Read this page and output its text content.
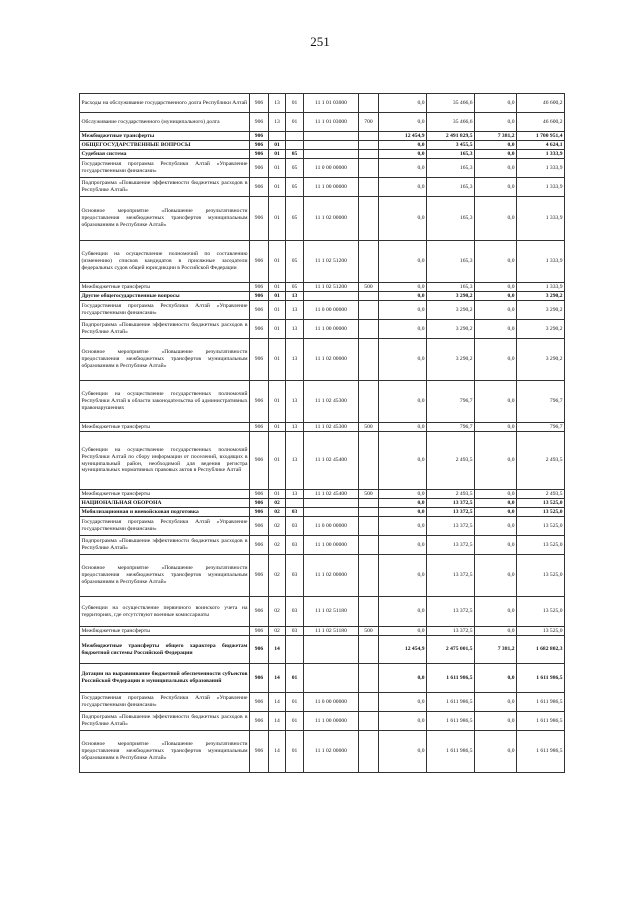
251
Расходы на обслуживание государственного долга Республики Алтай	906	13	01	11 1 01 03000		0,0	35 466,6	0,0	46 600,2
Обслуживание государственного (муниципального) долга	906	13	01	11 1 01 03000	700	0,0	35 466,6	0,0	46 600,2
Межбюджетные трансферты	906					12 454,9	2 491 829,5	7 381,2	1 700 951,4
ОБЩЕГОСУДАРСТВЕННЫЕ ВОПРОСЫ	906	01				0,0	3 455,5	0,0	4 624,1
Судебная система	906	01	05			0,0	165,3	0,0	1 333,9
Государственная программа Республики Алтай «Управление государственными финансами»	906	01	05	11 0 00 00000		0,0	165,3	0,0	1 333,9
Подпрограмма «Повышение эффективности бюджетных расходов в Республике Алтай»	906	01	05	11 1 00 00000		0,0	165,3	0,0	1 333,9
Основное мероприятие «Повышение результативности предоставления межбюджетных трансфертов муниципальным образованиям в Республике Алтай»	906	01	05	11 1 02 00000		0,0	165,3	0,0	1 333,9
Субвенции на осуществление полномочий по составлению (изменению) списков кандидатов в присяжные заседатели федеральных судов общей юрисдикции в Российской Федерации	906	01	05	11 1 02 51200		0,0	165,3	0,0	1 333,9
Межбюджетные трансферты	906	01	05	11 1 02 51200	500	0,0	165,3	0,0	1 333,9
Другие общегосударственные вопросы	906	01	13			0,0	3 290,2	0,0	3 290,2
Государственная программа Республики Алтай «Управление государственными финансами»	906	01	13	11 0 00 00000		0,0	3 290,2	0,0	3 290,2
Подпрограмма «Повышение эффективности бюджетных расходов в Республике Алтай»	906	01	13	11 1 00 00000		0,0	3 290,2	0,0	3 290,2
Основное мероприятие «Повышение результативности предоставления межбюджетных трансфертов муниципальным образованиям в Республике Алтай»	906	01	13	11 1 02 00000		0,0	3 290,2	0,0	3 290,2
Субвенции на осуществление государственных полномочий Республики Алтай в области законодательства об административных правонарушениях	906	01	13	11 1 02 45300		0,0	796,7	0,0	796,7
Межбюджетные трансферты	906	01	13	11 1 02 45300	500	0,0	796,7	0,0	796,7
Субвенции на осуществление государственных полномочий Республики Алтай по сбору информации от поселений, входящих в муниципальный район, необходимой для ведения регистра муниципальных нормативных правовых актов в Республике Алтай	906	01	13	11 1 02 45400		0,0	2 493,5	0,0	2 493,5
Межбюджетные трансферты	906	01	13	11 1 02 45400	500	0,0	2 493,5	0,0	2 493,5
НАЦИОНАЛЬНАЯ ОБОРОНА	906	02				0,0	13 372,5	0,0	13 525,0
Мобилизационная и вневойсковая подготовка	906	02	03			0,0	13 372,5	0,0	13 525,0
Государственная программа Республики Алтай «Управление государственными финансами»	906	02	03	11 0 00 00000		0,0	13 372,5	0,0	13 525,0
Подпрограмма «Повышение эффективности бюджетных расходов в Республике Алтай»	906	02	03	11 1 00 00000		0,0	13 372,5	0,0	13 525,0
Основное мероприятие «Повышение результативности предоставления межбюджетных трансфертов муниципальным образованиям в Республике Алтай»	906	02	03	11 1 02 00000		0,0	13 372,5	0,0	13 525,0
Субвенции на осуществление первичного воинского учета на территориях, где отсутствуют военные комиссариаты	906	02	03	11 1 02 51180		0,0	13 372,5	0,0	13 525,0
Межбюджетные трансферты	906	02	03	11 1 02 51180	500	0,0	13 372,5	0,0	13 525,0
Межбюджетные трансферты общего характера бюджетам бюджетной системы Российской Федерации	906	14				12 454,9	2 475 001,5	7 381,2	1 682 802,3
Дотации на выравнивание бюджетной обеспеченности субъектов Российской Федерации и муниципальных образований	906	14	01			0,0	1 611 986,5	0,0	1 611 986,5
Государственная программа Республики Алтай «Управление государственными финансами»	906	14	01	11 0 00 00000		0,0	1 611 986,5	0,0	1 611 986,5
Подпрограмма «Повышение эффективности бюджетных расходов в Республике Алтай»	906	14	01	11 1 00 00000		0,0	1 611 986,5	0,0	1 611 986,5
Основное мероприятие «Повышение результативности предоставления межбюджетных трансфертов муниципальным образованиям в Республике Алтай»	906	14	01	11 1 02 00000		0,0	1 611 986,5	0,0	1 611 986,5
